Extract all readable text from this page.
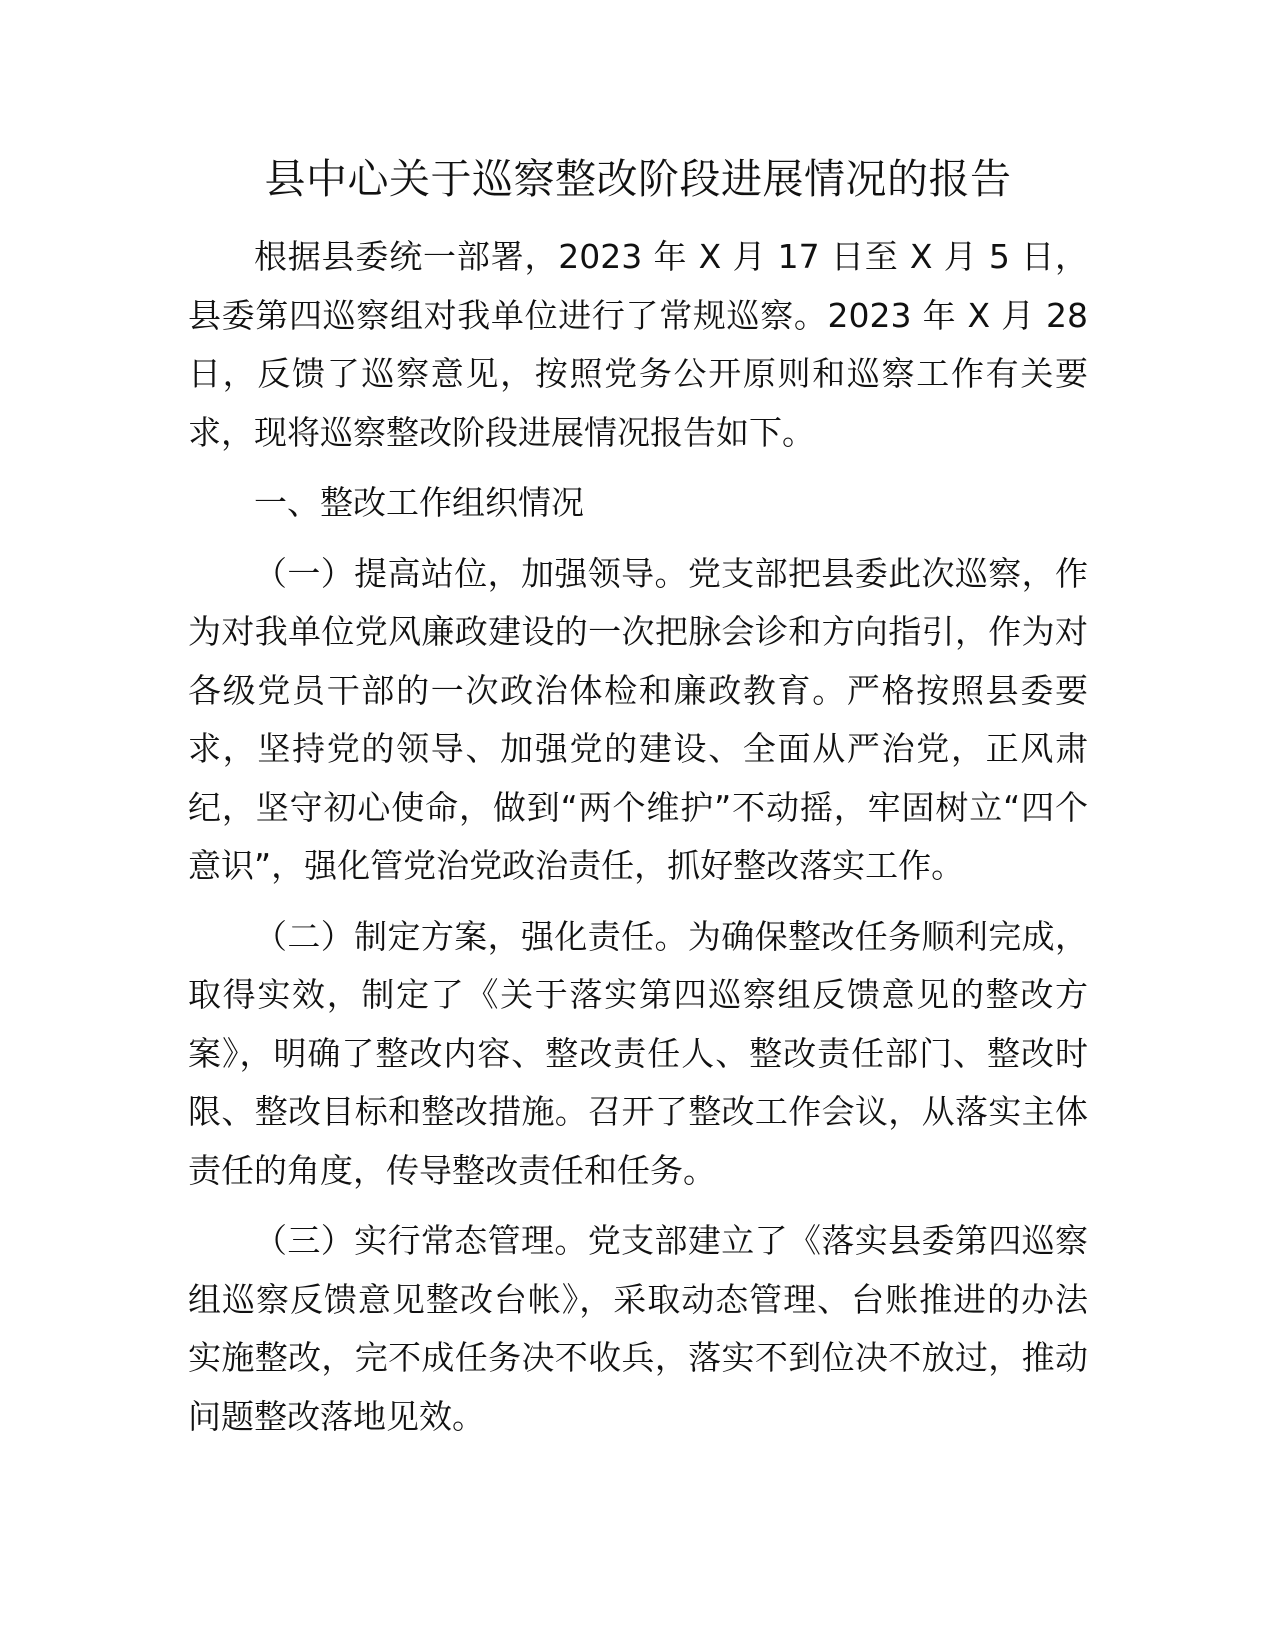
县中心关于巡察整改阶段进展情况的报告

根据县委统一部署，2023 年 X 月 17 日至 X 月 5 日，县委第四巡察组对我单位进行了常规巡察。2023 年 X 月 28 日，反馈了巡察意见，按照党务公开原则和巡察工作有关要求，现将巡察整改阶段进展情况报告如下。

一、整改工作组织情况

（一）提高站位，加强领导。党支部把县委此次巡察，作为对我单位党风廉政建设的一次把脉会诊和方向指引，作为对各级党员干部的一次政治体检和廉政教育。严格按照县委要求，坚持党的领导、加强党的建设、全面从严治党，正风肃纪，坚守初心使命，做到“两个维护”不动摇，牢固树立“四个意识”，强化管党治党政治责任，抓好整改落实工作。

（二）制定方案，强化责任。为确保整改任务顺利完成，取得实效，制定了《关于落实第四巡察组反馈意见的整改方案》，明确了整改内容、整改责任人、整改责任部门、整改时限、整改目标和整改措施。召开了整改工作会议，从落实主体责任的角度，传导整改责任和任务。

（三）实行常态管理。党支部建立了《落实县委第四巡察组巡察反馈意见整改台帐》，采取动态管理、台账推进的办法实施整改，完不成任务决不收兵，落实不到位决不放过，推动问题整改落地见效。
